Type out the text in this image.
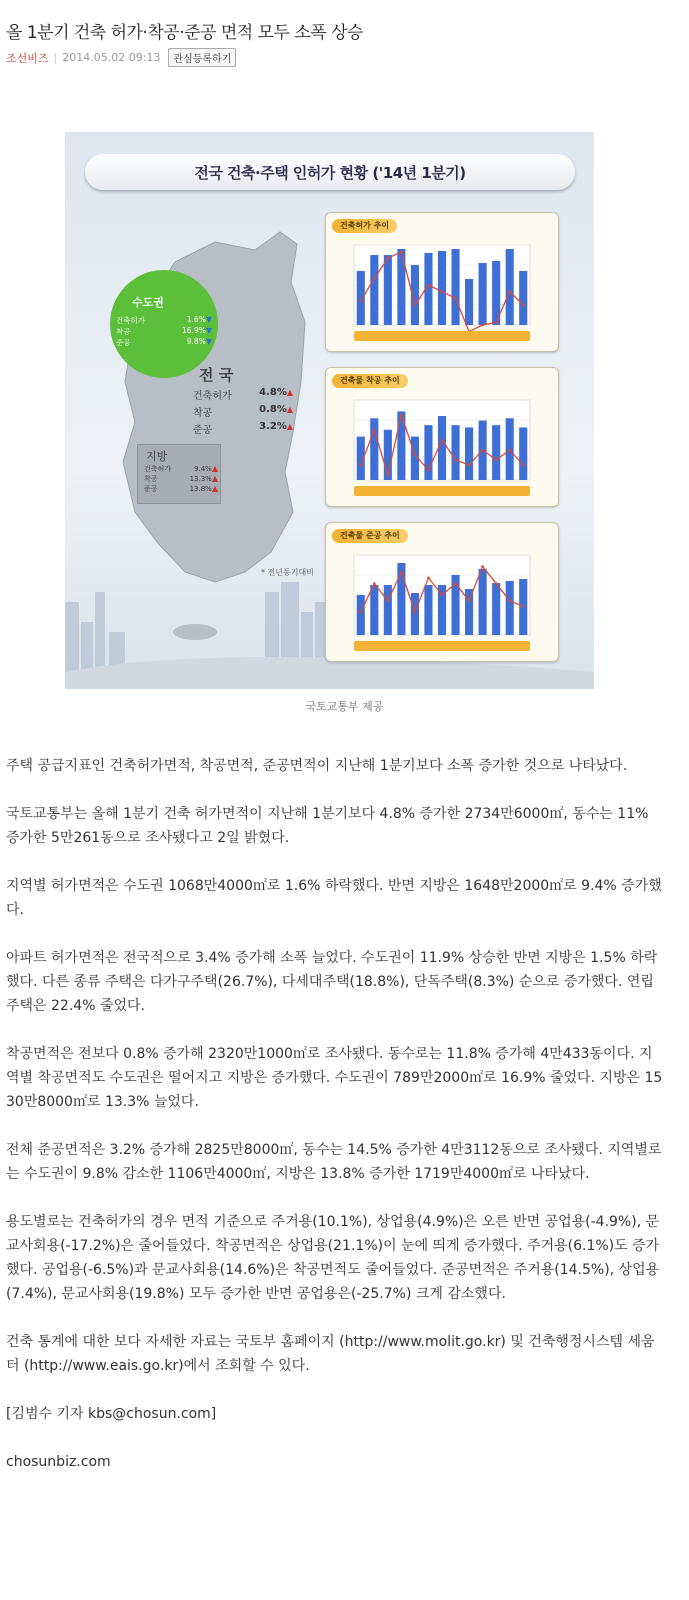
올 1분기 건축 허가·착공·준공 면적 모두 소폭 상승
조선비즈 | 2014.05.02 09:13	관심등록하기
전국 건축·주택 인허가 현황 ('14년 1분기)
수도권
건축허가	1.6%▼
착공	16.9%▼
준공	9.8%▼
전 국
건축허가	4.8%▲
착공	0.8%▲
준공	3.2%▲
지방
건축허가	9.4%▲
착공	13.3%▲
준공	13.8%▲
* 전년동기대비
건축허가 추이
건축물 착공 추이
건축물 준공 추이
국토교통부 제공

주택 공급지표인 건축허가면적, 착공면적, 준공면적이 지난해 1분기보다 소폭 증가한 것으로 나타났다.

국토교통부는 올해 1분기 건축 허가면적이 지난해 1분기보다 4.8% 증가한 2734만6000㎡, 동수는 11% 증가한 5만261동으로 조사됐다고 2일 밝혔다.

지역별 허가면적은 수도권 1068만4000㎡로 1.6% 하락했다. 반면 지방은 1648만2000㎡로 9.4% 증가했다.

아파트 허가면적은 전국적으로 3.4% 증가해 소폭 늘었다. 수도권이 11.9% 상승한 반면 지방은 1.5% 하락했다. 다른 종류 주택은 다가구주택(26.7%), 다세대주택(18.8%), 단독주택(8.3%) 순으로 증가했다. 연립주택은 22.4% 줄었다.

착공면적은 전보다 0.8% 증가해 2320만1000㎡로 조사됐다. 동수로는 11.8% 증가해 4만433동이다. 지역별 착공면적도 수도권은 떨어지고 지방은 증가했다. 수도권이 789만2000㎡로 16.9% 줄었다. 지방은 1530만8000㎡로 13.3% 늘었다.

전체 준공면적은 3.2% 증가해 2825만8000㎡, 동수는 14.5% 증가한 4만3112동으로 조사됐다. 지역별로는 수도권이 9.8% 감소한 1106만4000㎡, 지방은 13.8% 증가한 1719만4000㎡로 나타났다.

용도별로는 건축허가의 경우 면적 기준으로 주거용(10.1%), 상업용(4.9%)은 오른 반면 공업용(-4.9%), 문교사회용(-17.2%)은 줄어들었다. 착공면적은 상업용(21.1%)이 눈에 띄게 증가했다. 주거용(6.1%)도 증가했다. 공업용(-6.5%)과 문교사회용(14.6%)은 착공면적도 줄어들었다. 준공면적은 주거용(14.5%), 상업용(7.4%), 문교사회용(19.8%) 모두 증가한 반면 공업용은(-25.7%) 크게 감소했다.

건축 통계에 대한 보다 자세한 자료는 국토부 홈페이지 (http://www.molit.go.kr) 및 건축행정시스템 세움터 (http://www.eais.go.kr)에서 조회할 수 있다.

[김범수 기자 kbs@chosun.com]

chosunbiz.com
